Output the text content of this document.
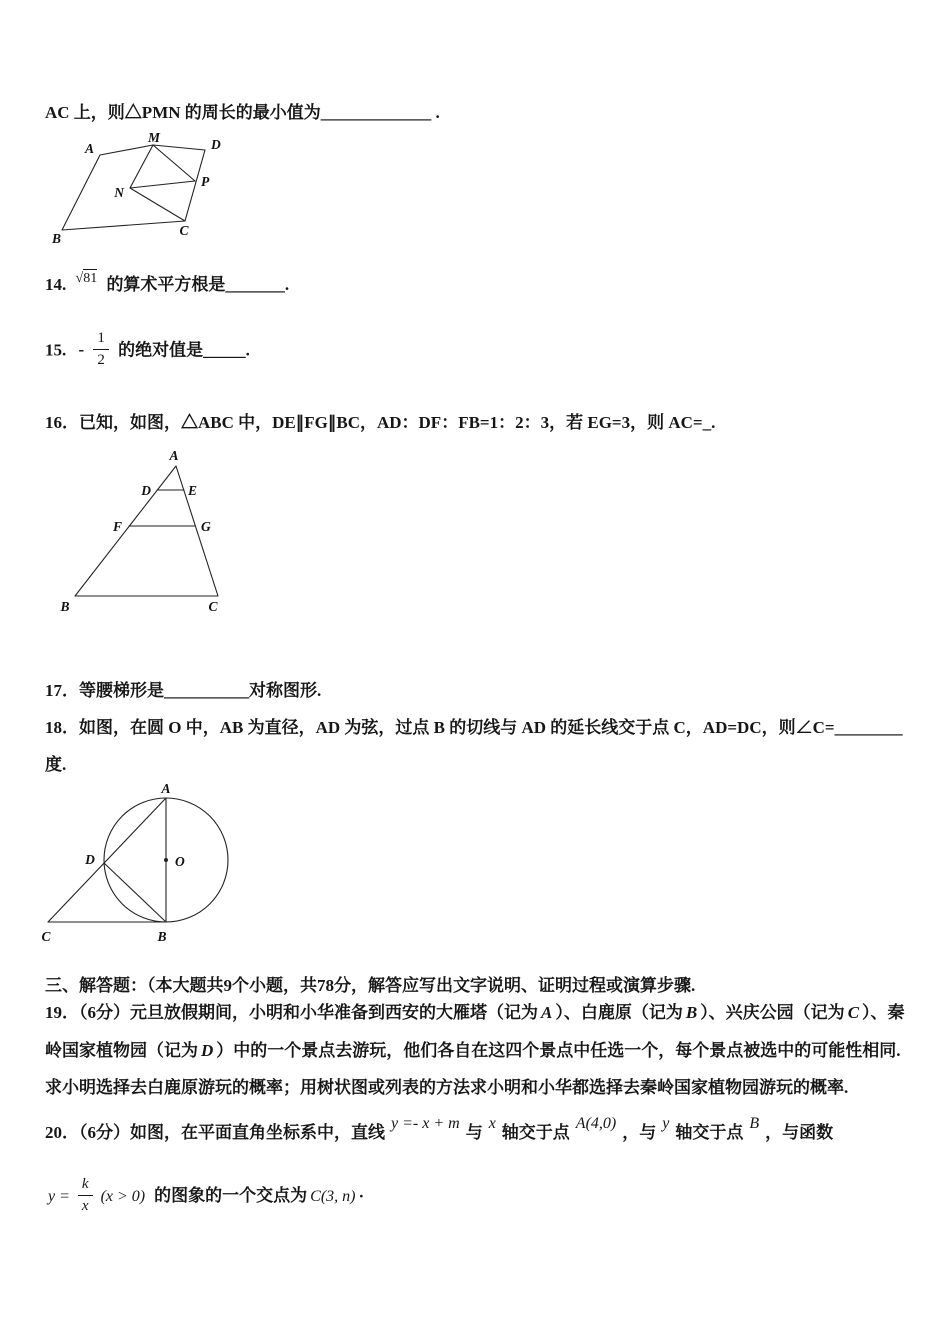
AC 上，则△PMN 的周长的最小值为_____________ .
A
M	D
N
P
B
C
14. √81 的算术平方根是_______.
15. - $\frac{1}{2}$ 的绝对值是_____.
16．已知，如图，△ABC 中，DE∥FG∥BC，AD：DF：FB=1：2：3，若 EG=3，则 AC=_.
A
D	E
F	G
B	C
17．等腰梯形是__________对称图形.
18．如图，在圆 O 中，AB 为直径，AD 为弦，过点 B 的切线与 AD 的延长线交于点 C，AD=DC，则∠C=________
度.
A
D	O
C	B
三、解答题：（本大题共9个小题，共78分，解答应写出文字说明、证明过程或演算步骤.
19．（6分）元旦放假期间，小明和小华准备到西安的大雁塔（记为 A ）、白鹿原（记为 B ）、兴庆公园（记为 C ）、秦
岭国家植物园（记为 D ）中的一个景点去游玩，他们各自在这四个景点中任选一个，每个景点被选中的可能性相同.
求小明选择去白鹿原游玩的概率；用树状图或列表的方法求小明和小华都选择去秦岭国家植物园游玩的概率.
20．（6分）如图，在平面直角坐标系中，直线 y =- x + m 与 x 轴交于点 A(4,0) ，与 y 轴交于点 B ，与函数
$y = \frac{k}{x} (x > 0)$ 的图象的一个交点为 C(3, n) ·
